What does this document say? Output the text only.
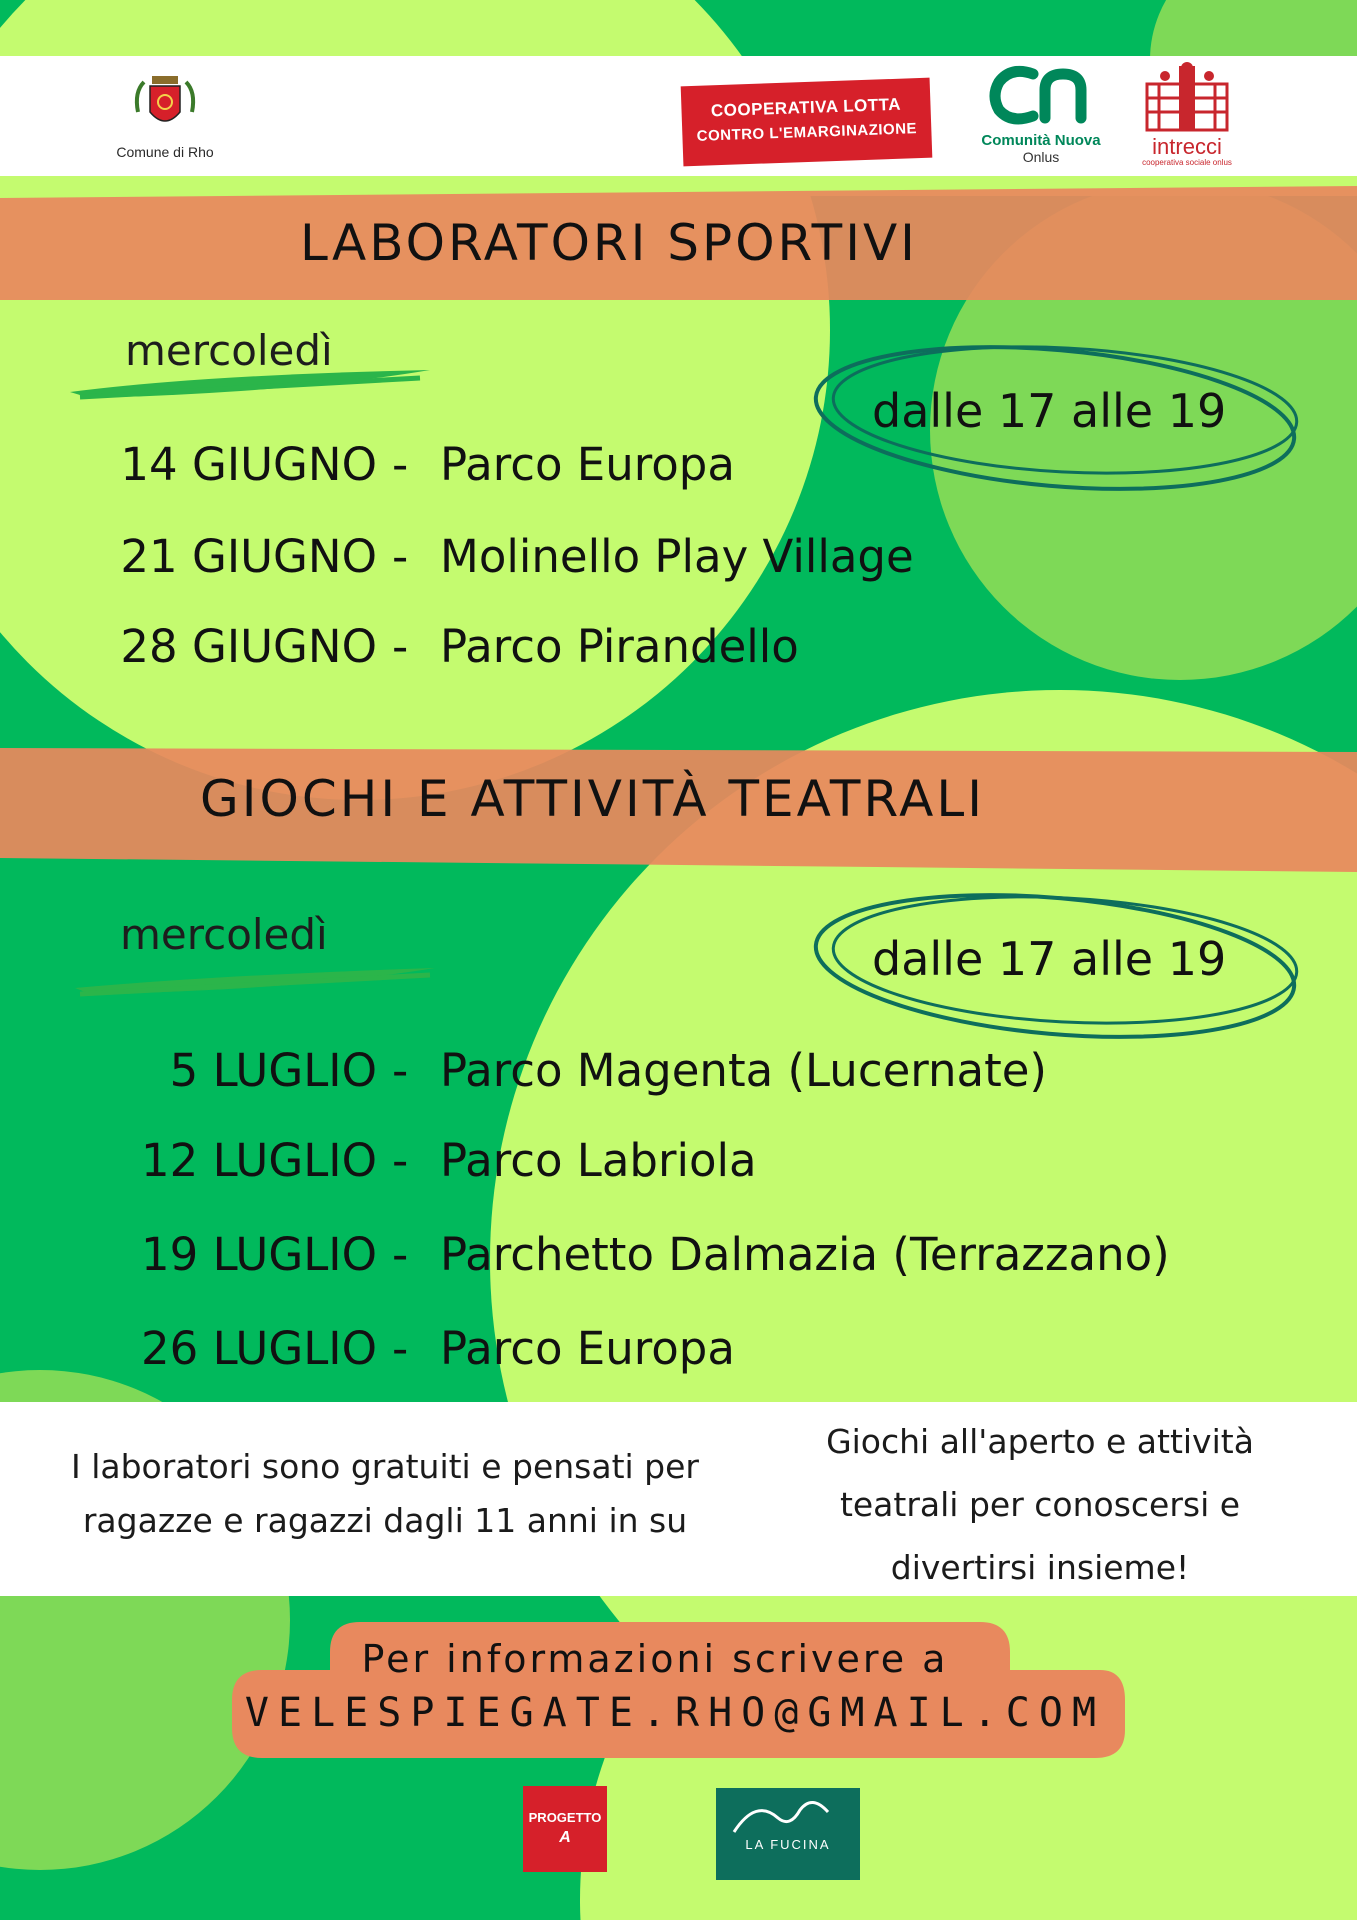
Comune di Rho
COOPERATIVA LOTTA
CONTRO L'EMARGINAZIONE	Comunità Nuova
Onlus	intrecci
cooperativa sociale onlus
LABORATORI SPORTIVI
mercoledì
dalle 17 alle 19
14 GIUGNO - Parco Europa
21 GIUGNO - Molinello Play Village
28 GIUGNO - Parco Pirandello
GIOCHI E ATTIVITÀ TEATRALI
mercoledì	dalle 17 alle 19
5 LUGLIO - Parco Magenta (Lucernate)
12 LUGLIO - Parco Labriola
19 LUGLIO - Parchetto Dalmazia (Terrazzano)
26 LUGLIO - Parco Europa
I laboratori sono gratuiti e pensati per
ragazze e ragazzi dagli 11 anni in su
Giochi all'aperto e attività
teatrali per conoscersi e
divertirsi insieme!
Per informazioni scrivere a
VELESPIEGATE.RHO@GMAIL.COM
PROGETTO
A	LA FUCINA
